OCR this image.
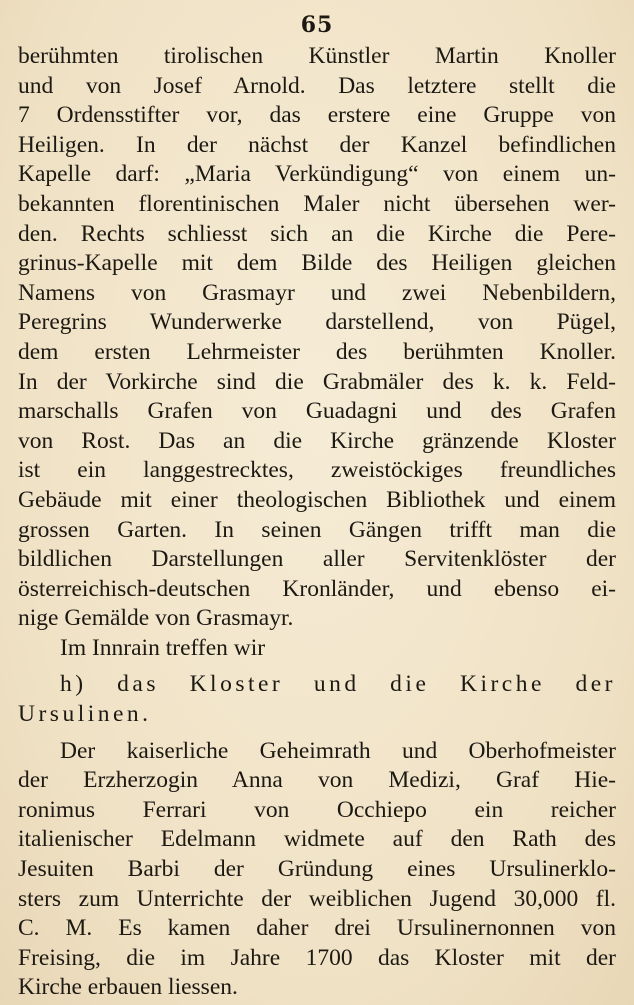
65
berühmten tirolischen Künstler Martin Knoller
und von Josef Arnold. Das letztere stellt die
7 Ordensstifter vor, das erstere eine Gruppe von
Heiligen. In der nächst der Kanzel befindlichen
Kapelle darf: „Maria Verkündigung“ von einem un-
bekannten florentinischen Maler nicht übersehen wer-
den. Rechts schliesst sich an die Kirche die Pere-
grinus-Kapelle mit dem Bilde des Heiligen gleichen
Namens von Grasmayr und zwei Nebenbildern,
Peregrins Wunderwerke darstellend, von Pügel,
dem ersten Lehrmeister des berühmten Knoller.
In der Vorkirche sind die Grabmäler des k. k. Feld-
marschalls Grafen von Guadagni und des Grafen
von Rost. Das an die Kirche gränzende Kloster
ist ein langgestrecktes, zweistöckiges freundliches
Gebäude mit einer theologischen Bibliothek und einem
grossen Garten. In seinen Gängen trifft man die
bildlichen Darstellungen aller Servitenklöster der
österreichisch-deutschen Kronländer, und ebenso ei-
nige Gemälde von Grasmayr.
Im Innrain treffen wir
h) das Kloster und die Kirche der
Ursulinen.
Der kaiserliche Geheimrath und Oberhofmeister
der Erzherzogin Anna von Medizi, Graf Hie-
ronimus Ferrari von Occhiepo ein reicher
italienischer Edelmann widmete auf den Rath des
Jesuiten Barbi der Gründung eines Ursulinerklo-
sters zum Unterrichte der weiblichen Jugend 30,000 fl.
C. M. Es kamen daher drei Ursulinernonnen von
Freising, die im Jahre 1700 das Kloster mit der
Kirche erbauen liessen.
